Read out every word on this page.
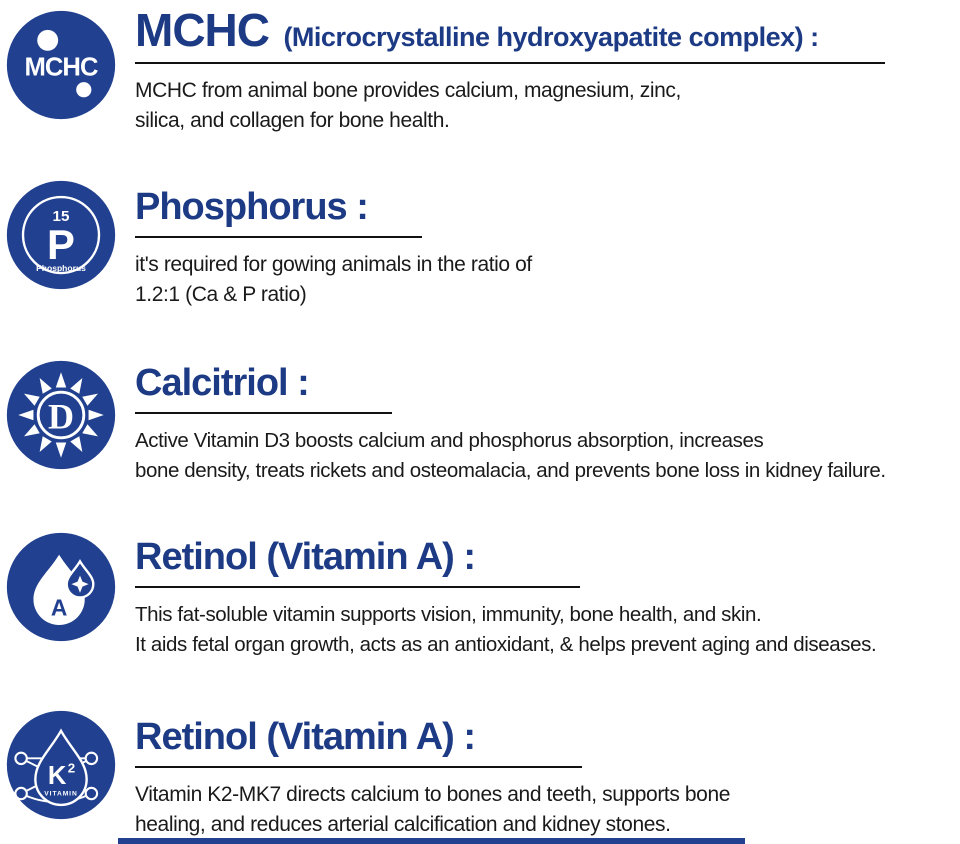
MCHC
MCHC (Microcrystalline hydroxyapatite complex) :
MCHC from animal bone provides calcium, magnesium, zinc,
silica, and collagen for bone health.
15
P
Phosphorus
Phosphorus :
it's required for gowing animals in the ratio of
1.2:1 (Ca & P ratio)
D
Calcitriol :
Active Vitamin D3 boosts calcium and phosphorus absorption, increases
bone density, treats rickets and osteomalacia, and prevents bone loss in kidney failure.
A
Retinol (Vitamin A) :
This fat-soluble vitamin supports vision, immunity, bone health, and skin.
It aids fetal organ growth, acts as an antioxidant, & helps prevent aging and diseases.
K 2
VITAMIN
Retinol (Vitamin A) :
Vitamin K2-MK7 directs calcium to bones and teeth, supports bone
healing, and reduces arterial calcification and kidney stones.
